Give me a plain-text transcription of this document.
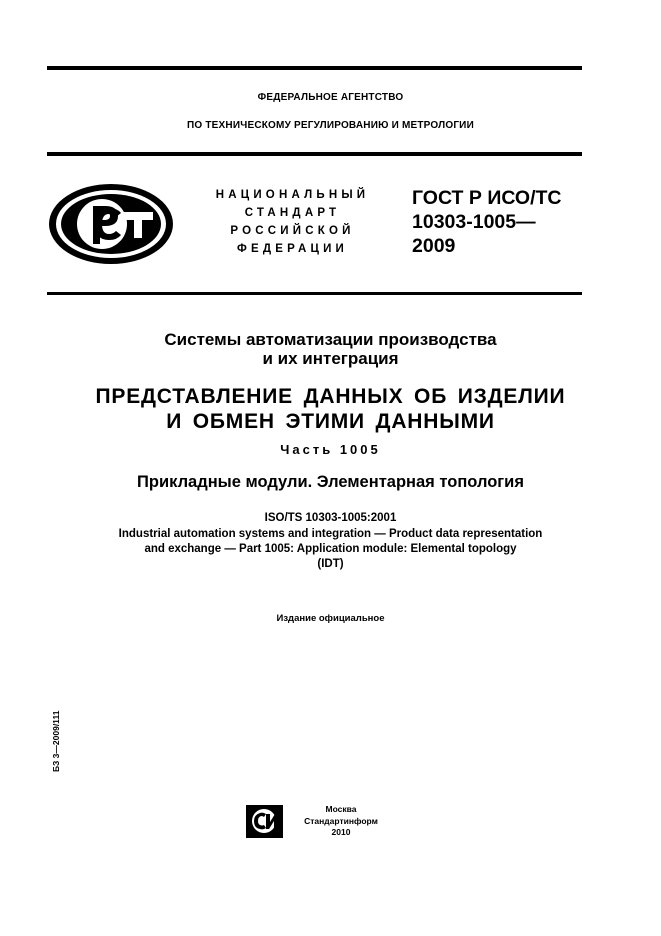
ФЕДЕРАЛЬНОЕ АГЕНТСТВО
ПО ТЕХНИЧЕСКОМУ РЕГУЛИРОВАНИЮ И МЕТРОЛОГИИ
НАЦИОНАЛЬНЫЙ
СТАНДАРТ
РОССИЙСКОЙ
ФЕДЕРАЦИИ
ГОСТ Р ИСО/ТС
10303-1005—
2009
Системы автоматизации производства
и их интеграция
ПРЕДСТАВЛЕНИЕ ДАННЫХ ОБ ИЗДЕЛИИ
И ОБМЕН ЭТИМИ ДАННЫМИ
Часть 1005
Прикладные модули. Элементарная топология
ISO/TS 10303-1005:2001
Industrial automation systems and integration — Product data representation
and exchange — Part 1005: Application module: Elemental topology
(IDT)
Издание официальное
БЗ 3—2009/111
Москва
Стандартинформ
2010
